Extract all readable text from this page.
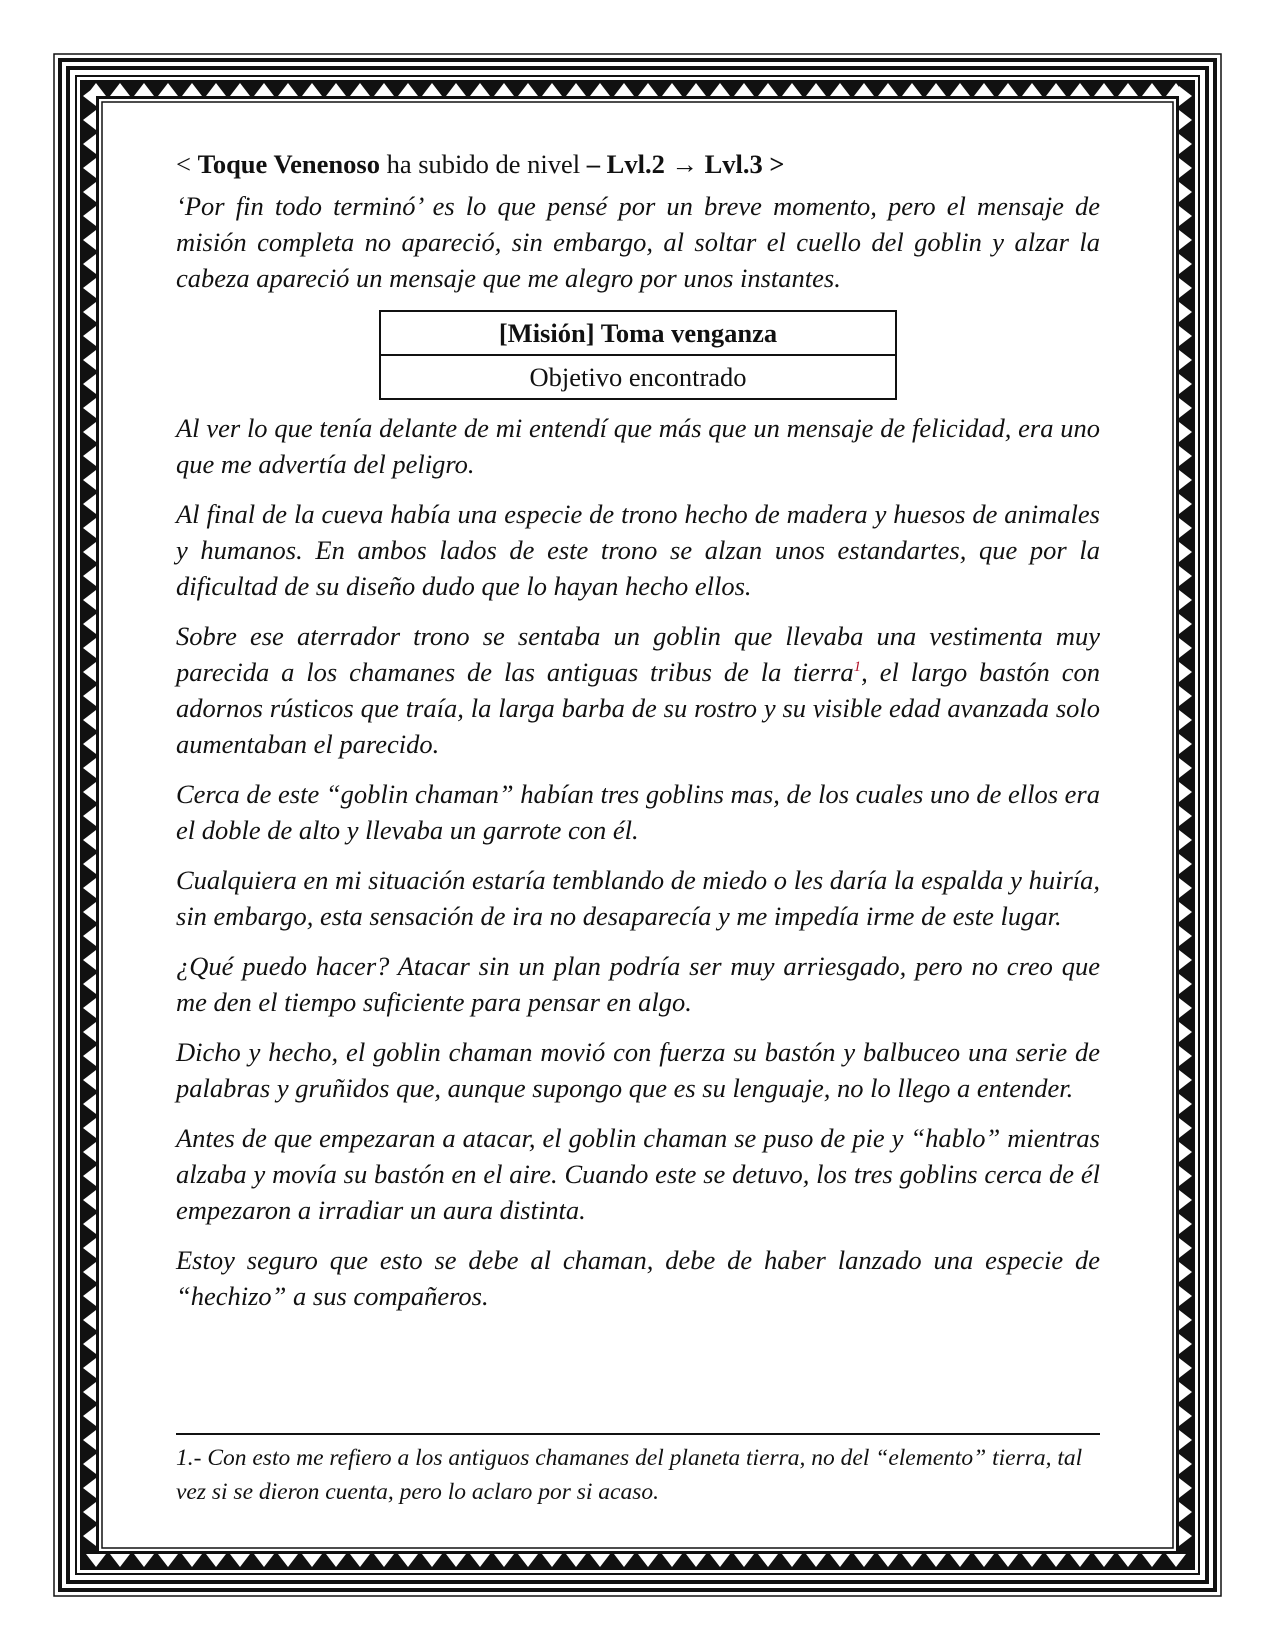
< Toque Venenoso ha subido de nivel – Lvl.2 → Lvl.3 >

‘Por fin todo terminó’ es lo que pensé por un breve momento, pero el mensaje de misión completa no apareció, sin embargo, al soltar el cuello del goblin y alzar la cabeza apareció un mensaje que me alegro por unos instantes.

[Misión] Toma venganza
Objetivo encontrado

Al ver lo que tenía delante de mi entendí que más que un mensaje de felicidad, era uno que me advertía del peligro.

Al final de la cueva había una especie de trono hecho de madera y huesos de animales y humanos. En ambos lados de este trono se alzan unos estandartes, que por la dificultad de su diseño dudo que lo hayan hecho ellos.

Sobre ese aterrador trono se sentaba un goblin que llevaba una vestimenta muy parecida a los chamanes de las antiguas tribus de la tierra$^1$, el largo bastón con adornos rústicos que traía, la larga barba de su rostro y su visible edad avanzada solo aumentaban el parecido.

Cerca de este “goblin chaman” habían tres goblins mas, de los cuales uno de ellos era el doble de alto y llevaba un garrote con él.

Cualquiera en mi situación estaría temblando de miedo o les daría la espalda y huiría, sin embargo, esta sensación de ira no desaparecía y me impedía irme de este lugar.

¿Qué puedo hacer? Atacar sin un plan podría ser muy arriesgado, pero no creo que me den el tiempo suficiente para pensar en algo.

Dicho y hecho, el goblin chaman movió con fuerza su bastón y balbuceo una serie de palabras y gruñidos que, aunque supongo que es su lenguaje, no lo llego a entender.

Antes de que empezaran a atacar, el goblin chaman se puso de pie y “hablo” mientras alzaba y movía su bastón en el aire. Cuando este se detuvo, los tres goblins cerca de él empezaron a irradiar un aura distinta.

Estoy seguro que esto se debe al chaman, debe de haber lanzado una especie de “hechizo” a sus compañeros.

1.- Con esto me refiero a los antiguos chamanes del planeta tierra, no del “elemento” tierra, tal vez si se dieron cuenta, pero lo aclaro por si acaso.
